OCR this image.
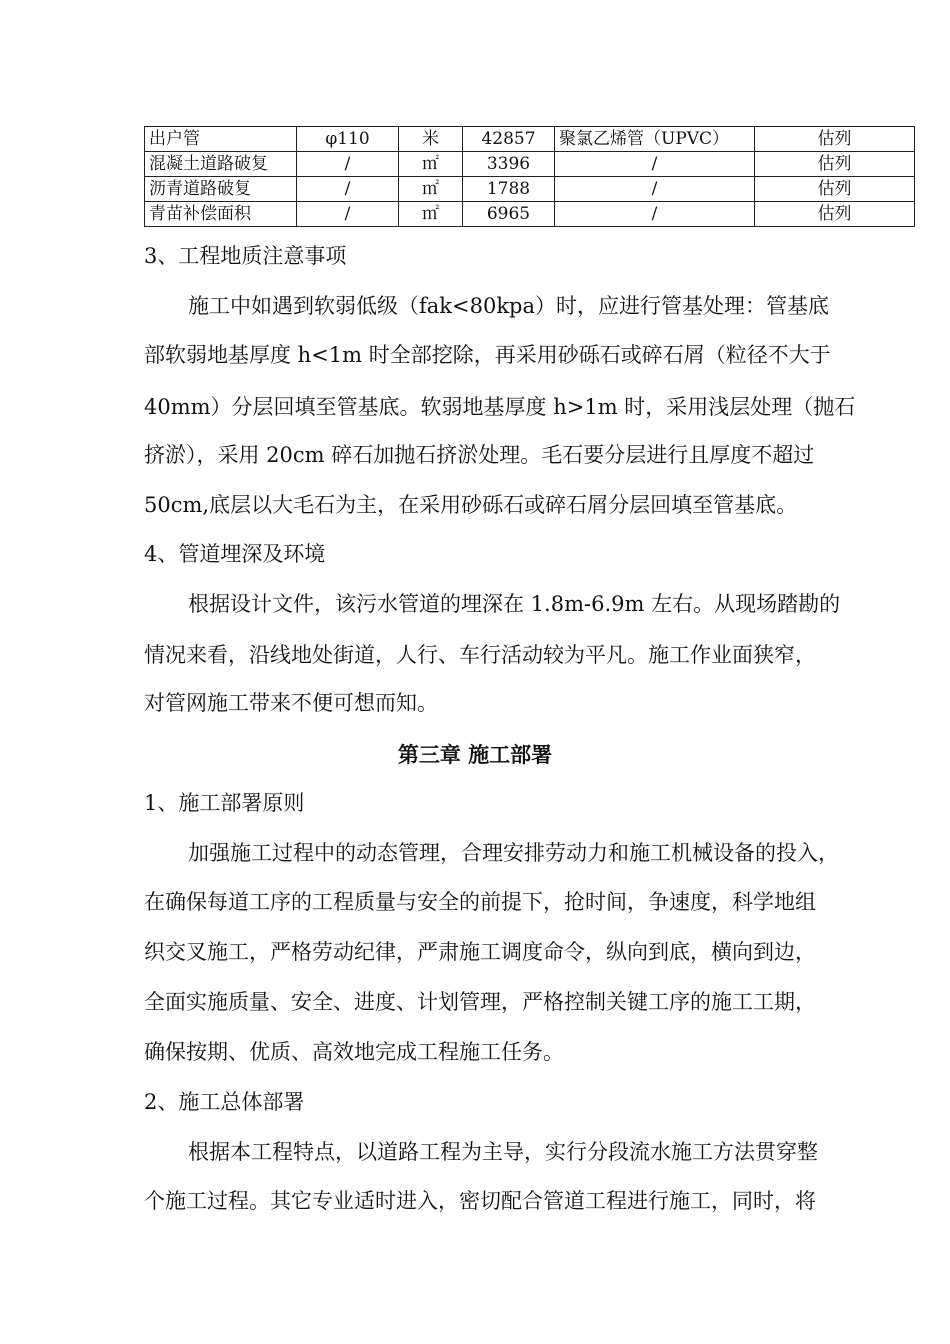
出户管	φ110	米	42857	聚氯乙烯管（UPVC）	估列
混凝土道路破复	/	㎡	3396	/	估列
沥青道路破复	/	㎡	1788	/	估列
青苗补偿面积	/	㎡	6965	/	估列
3、工程地质注意事项
施工中如遇到软弱低级（fak<80kpa）时，应进行管基处理：管基底
部软弱地基厚度 h<1m 时全部挖除，再采用砂砾石或碎石屑（粒径不大于
40mm）分层回填至管基底。软弱地基厚度 h>1m 时，采用浅层处理（抛石
挤淤），采用 20cm 碎石加抛石挤淤处理。毛石要分层进行且厚度不超过
50cm,底层以大毛石为主，在采用砂砾石或碎石屑分层回填至管基底。
4、管道埋深及环境
根据设计文件，该污水管道的埋深在 1.8m-6.9m 左右。从现场踏勘的
情况来看，沿线地处街道，人行、车行活动较为平凡。施工作业面狭窄，
对管网施工带来不便可想而知。
第三章 施工部署
1、施工部署原则
加强施工过程中的动态管理，合理安排劳动力和施工机械设备的投入，
在确保每道工序的工程质量与安全的前提下，抢时间，争速度，科学地组
织交叉施工，严格劳动纪律，严肃施工调度命令，纵向到底，横向到边，
全面实施质量、安全、进度、计划管理，严格控制关键工序的施工工期，
确保按期、优质、高效地完成工程施工任务。
2、施工总体部署
根据本工程特点，以道路工程为主导，实行分段流水施工方法贯穿整
个施工过程。其它专业适时进入，密切配合管道工程进行施工，同时，将
